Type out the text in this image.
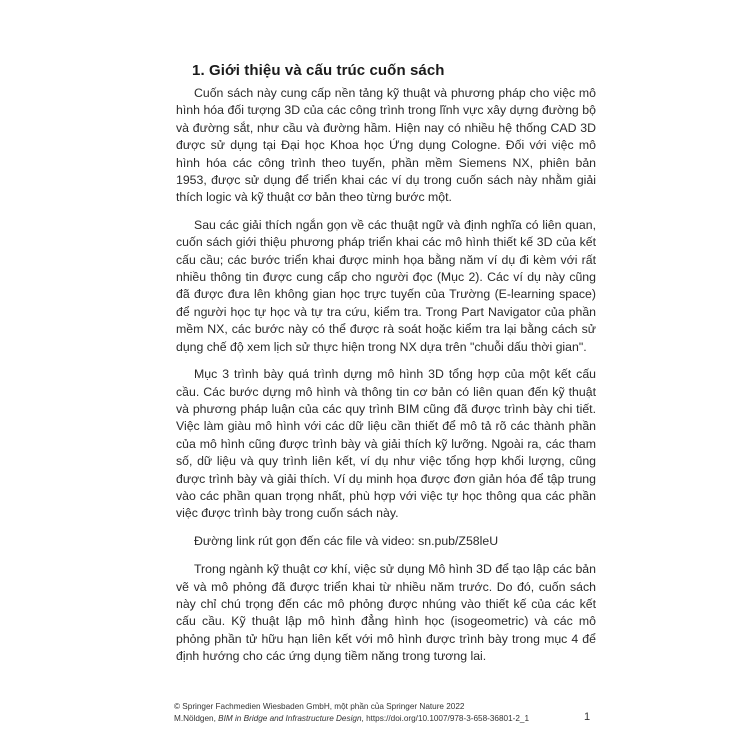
1. Giới thiệu và cấu trúc cuốn sách

Cuốn sách này cung cấp nền tảng kỹ thuật và phương pháp cho việc mô hình hóa đối tượng 3D của các công trình trong lĩnh vực xây dựng đường bộ và đường sắt, như cầu và đường hầm. Hiện nay có nhiều hệ thống CAD 3D được sử dụng tại Đại học Khoa học Ứng dụng Cologne. Đối với việc mô hình hóa các công trình theo tuyến, phần mềm Siemens NX, phiên bản 1953, được sử dụng để triển khai các ví dụ trong cuốn sách này nhằm giải thích logic và kỹ thuật cơ bản theo từng bước một.

Sau các giải thích ngắn gọn về các thuật ngữ và định nghĩa có liên quan, cuốn sách giới thiệu phương pháp triển khai các mô hình thiết kế 3D của kết cấu cầu; các bước triển khai được minh họa bằng năm ví dụ đi kèm với rất nhiều thông tin được cung cấp cho người đọc (Mục 2). Các ví dụ này cũng đã được đưa lên không gian học trực tuyến của Trường (E-learning space) để người học tự học và tự tra cứu, kiểm tra. Trong Part Navigator của phần mềm NX, các bước này có thể được rà soát hoặc kiểm tra lại bằng cách sử dụng chế độ xem lịch sử thực hiện trong NX dựa trên "chuỗi dấu thời gian".

Mục 3 trình bày quá trình dựng mô hình 3D tổng hợp của một kết cấu cầu. Các bước dựng mô hình và thông tin cơ bản có liên quan đến kỹ thuật và phương pháp luận của các quy trình BIM cũng đã được trình bày chi tiết. Việc làm giàu mô hình với các dữ liệu cần thiết để mô tả rõ các thành phần của mô hình cũng được trình bày và giải thích kỹ lưỡng. Ngoài ra, các tham số, dữ liệu và quy trình liên kết, ví dụ như việc tổng hợp khối lượng, cũng được trình bày và giải thích. Ví dụ minh họa được đơn giản hóa để tập trung vào các phần quan trọng nhất, phù hợp với việc tự học thông qua các phần việc được trình bày trong cuốn sách này.

Đường link rút gọn đến các file và video: sn.pub/Z58leU

Trong ngành kỹ thuật cơ khí, việc sử dụng Mô hình 3D để tạo lập các bản vẽ và mô phỏng đã được triển khai từ nhiều năm trước. Do đó, cuốn sách này chỉ chú trọng đến các mô phỏng được nhúng vào thiết kế của các kết cấu cầu. Kỹ thuật lập mô hình đẳng hình học (isogeometric) và các mô phỏng phần tử hữu hạn liên kết với mô hình được trình bày trong mục 4 để định hướng cho các ứng dụng tiềm năng trong tương lai.

© Springer Fachmedien Wiesbaden GmbH, một phần của Springer Nature 2022
M.Nöldgen, BIM in Bridge and Infrastructure Design, https://doi.org/10.1007/978-3-658-36801-2_1	1
